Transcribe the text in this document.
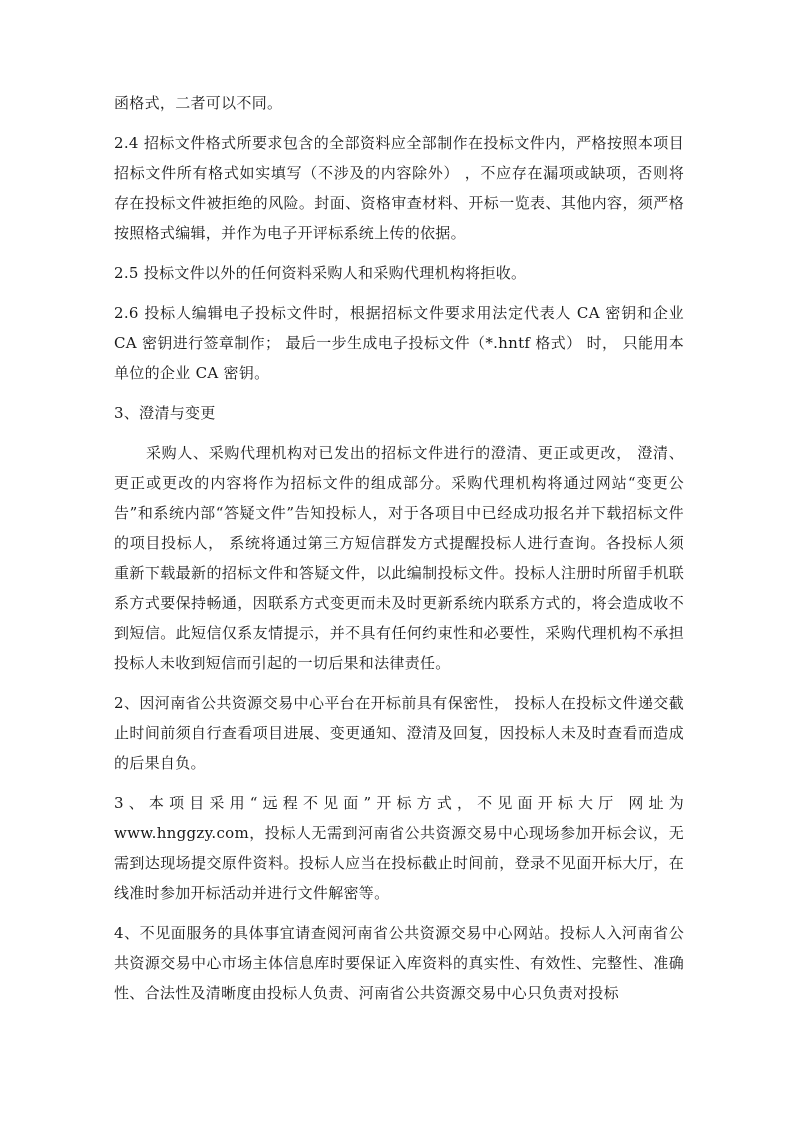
函格式，二者可以不同。

2.4 招标文件格式所要求包含的全部资料应全部制作在投标文件内，严格按照本项目招标文件所有格式如实填写（不涉及的内容除外） ，不应存在漏项或缺项，否则将存在投标文件被拒绝的风险。封面、资格审查材料、开标一览表、其他内容，须严格按照格式编辑，并作为电子开评标系统上传的依据。

2.5 投标文件以外的任何资料采购人和采购代理机构将拒收。

2.6 投标人编辑电子投标文件时，根据招标文件要求用法定代表人 CA 密钥和企业 CA 密钥进行签章制作； 最后一步生成电子投标文件（*.hntf 格式） 时， 只能用本单位的企业 CA 密钥。

3、澄清与变更

采购人、采购代理机构对已发出的招标文件进行的澄清、更正或更改， 澄清、更正或更改的内容将作为招标文件的组成部分。采购代理机构将通过网站“变更公告”和系统内部“答疑文件”告知投标人，对于各项目中已经成功报名并下载招标文件的项目投标人， 系统将通过第三方短信群发方式提醒投标人进行查询。各投标人须重新下载最新的招标文件和答疑文件，以此编制投标文件。投标人注册时所留手机联系方式要保持畅通，因联系方式变更而未及时更新系统内联系方式的，将会造成收不到短信。此短信仅系友情提示，并不具有任何约束性和必要性，采购代理机构不承担投标人未收到短信而引起的一切后果和法律责任。

2、因河南省公共资源交易中心平台在开标前具有保密性， 投标人在投标文件递交截止时间前须自行查看项目进展、变更通知、澄清及回复，因投标人未及时查看而造成的后果自负。

3、本项目采用“远程不见面”开标方式，不见面开标大厅 网址为www.hnggzy.com，投标人无需到河南省公共资源交易中心现场参加开标会议，无需到达现场提交原件资料。投标人应当在投标截止时间前，登录不见面开标大厅，在线准时参加开标活动并进行文件解密等。

4、不见面服务的具体事宜请查阅河南省公共资源交易中心网站。投标人入河南省公共资源交易中心市场主体信息库时要保证入库资料的真实性、有效性、完整性、准确性、合法性及清晰度由投标人负责、河南省公共资源交易中心只负责对投标
